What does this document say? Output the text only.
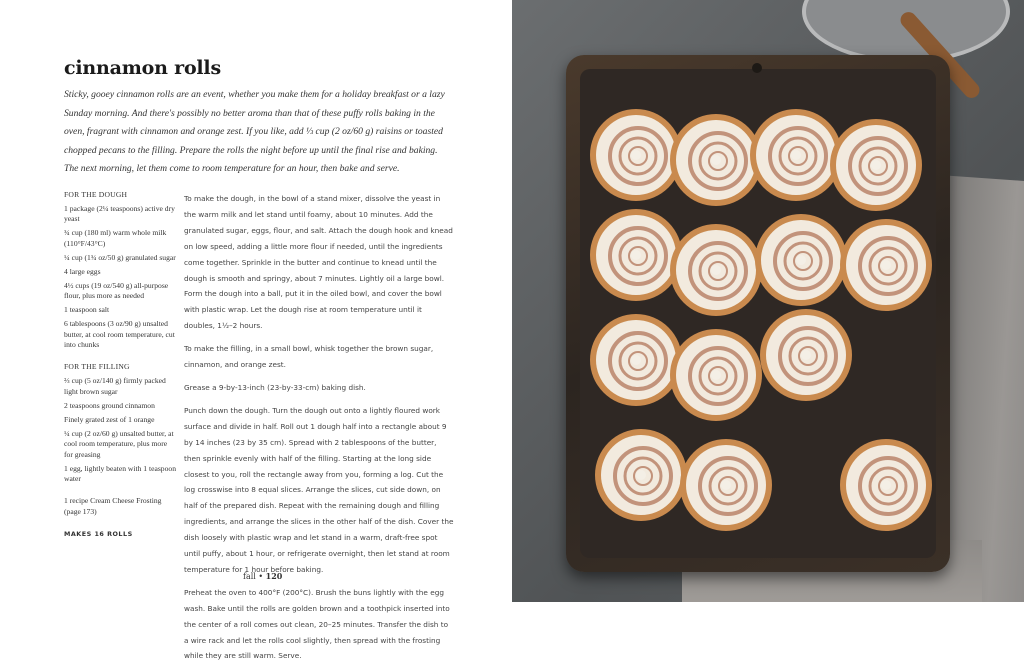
cinnamon rolls

Sticky, gooey cinnamon rolls are an event, whether you make them for a holiday breakfast or a lazy Sunday morning. And there's possibly no better aroma than that of these puffy rolls baking in the oven, fragrant with cinnamon and orange zest. If you like, add ⅓ cup (2 oz/60 g) raisins or toasted chopped pecans to the filling. Prepare the rolls the night before up until the final rise and baking. The next morning, let them come to room temperature for an hour, then bake and serve.

FOR THE DOUGH
1 package (2¼ teaspoons) active dry yeast
¾ cup (180 ml) warm whole milk (110°F/43°C)
¼ cup (1¾ oz/50 g) granulated sugar
4 large eggs
4½ cups (19 oz/540 g) all-purpose flour, plus more as needed
1 teaspoon salt
6 tablespoons (3 oz/90 g) unsalted butter, at cool room temperature, cut into chunks
FOR THE FILLING
⅔ cup (5 oz/140 g) firmly packed light brown sugar
2 teaspoons ground cinnamon
Finely grated zest of 1 orange
¼ cup (2 oz/60 g) unsalted butter, at cool room temperature, plus more for greasing
1 egg, lightly beaten with 1 teaspoon water
1 recipe Cream Cheese Frosting (page 173)
MAKES 16 ROLLS

To make the dough, in the bowl of a stand mixer, dissolve the yeast in the warm milk and let stand until foamy, about 10 minutes. Add the granulated sugar, eggs, flour, and salt. Attach the dough hook and knead on low speed, adding a little more flour if needed, until the ingredients come together. Sprinkle in the butter and continue to knead until the dough is smooth and springy, about 7 minutes. Lightly oil a large bowl. Form the dough into a ball, put it in the oiled bowl, and cover the bowl with plastic wrap. Let the dough rise at room temperature until it doubles, 1½–2 hours.

To make the filling, in a small bowl, whisk together the brown sugar, cinnamon, and orange zest.

Grease a 9-by-13-inch (23-by-33-cm) baking dish.

Punch down the dough. Turn the dough out onto a lightly floured work surface and divide in half. Roll out 1 dough half into a rectangle about 9 by 14 inches (23 by 35 cm). Spread with 2 tablespoons of the butter, then sprinkle evenly with half of the filling. Starting at the long side closest to you, roll the rectangle away from you, forming a log. Cut the log crosswise into 8 equal slices. Arrange the slices, cut side down, on half of the prepared dish. Repeat with the remaining dough and filling ingredients, and arrange the slices in the other half of the dish. Cover the dish loosely with plastic wrap and let stand in a warm, draft-free spot until puffy, about 1 hour, or refrigerate overnight, then let stand at room temperature for 1 hour before baking.

Preheat the oven to 400°F (200°C). Brush the buns lightly with the egg wash. Bake until the rolls are golden brown and a toothpick inserted into the center of a roll comes out clean, 20–25 minutes. Transfer the dish to a wire rack and let the rolls cool slightly, then spread with the frosting while they are still warm. Serve.

fall • 120
